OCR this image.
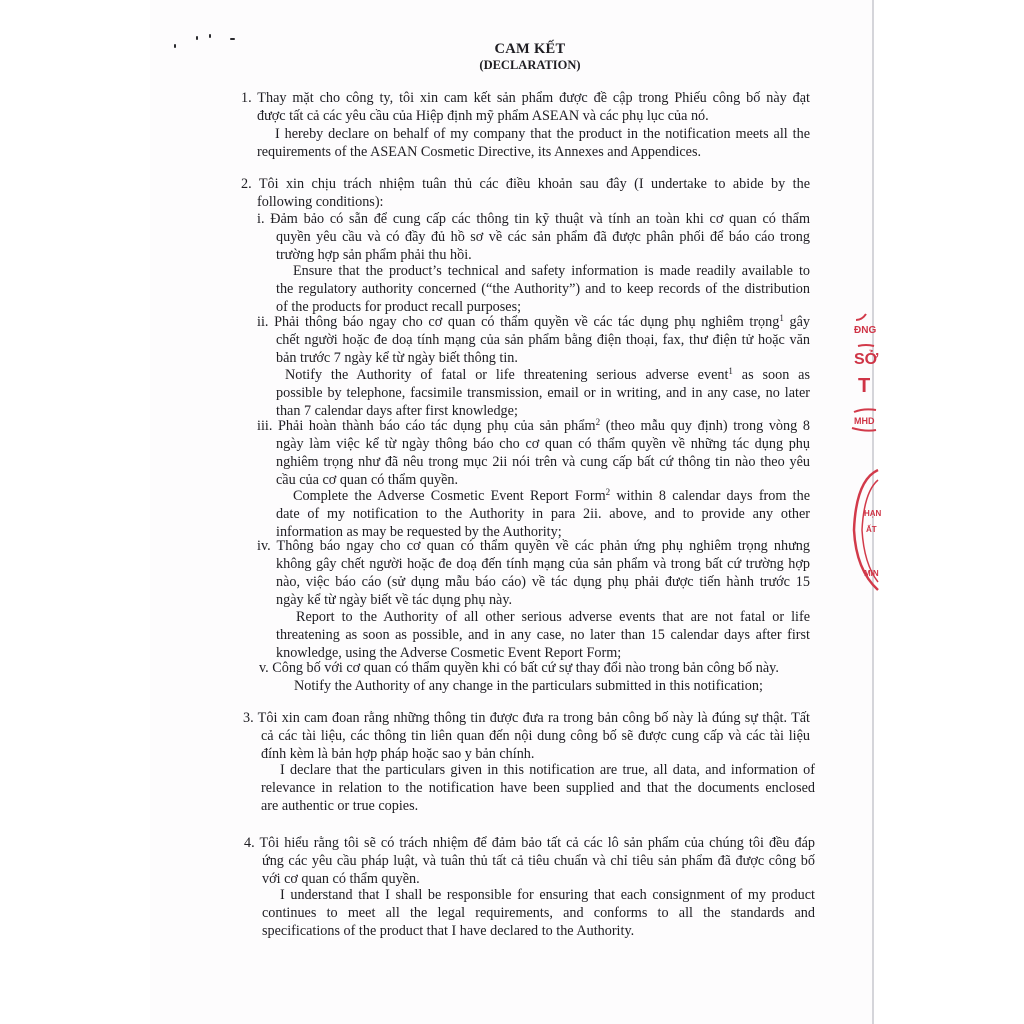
ĐNG
SỞ
T
MHD
HẠN
ẤT
MIN
CAM KẾT
(DECLARATION)
1. Thay mặt cho công ty, tôi xin cam kết sản phẩm được đề cập trong Phiếu công bố này đạt
được tất cả các yêu cầu của Hiệp định mỹ phẩm ASEAN và các phụ lục của nó.
I hereby declare on behalf of my company that the product in the notification meets all the
requirements of the ASEAN Cosmetic Directive, its Annexes and Appendices.
2. Tôi xin chịu trách nhiệm tuân thủ các điều khoản sau đây (I undertake to abide by the
following conditions):
i. Đảm bảo có sẵn để cung cấp các thông tin kỹ thuật và tính an toàn khi cơ quan có thẩm
quyền yêu cầu và có đầy đủ hồ sơ về các sản phẩm đã được phân phối để báo cáo trong
trường hợp sản phẩm phải thu hồi.
Ensure that the product’s technical and safety information is made readily available to
the regulatory authority concerned (“the Authority”) and to keep records of the distribution
of the products for product recall purposes;
ii. Phải thông báo ngay cho cơ quan có thẩm quyền về các tác dụng phụ nghiêm trọng$^1$ gây
chết người hoặc đe doạ tính mạng của sản phẩm bằng điện thoại, fax, thư điện tử hoặc văn
bản trước 7 ngày kể từ ngày biết thông tin.
Notify the Authority of fatal or life threatening serious adverse event$^1$ as soon as
possible by telephone, facsimile transmission, email or in writing, and in any case, no later
than 7 calendar days after first knowledge;
iii. Phải hoàn thành báo cáo tác dụng phụ của sản phẩm$^2$ (theo mẫu quy định) trong vòng 8
ngày làm việc kể từ ngày thông báo cho cơ quan có thẩm quyền về những tác dụng phụ
nghiêm trọng như đã nêu trong mục 2ii nói trên và cung cấp bất cứ thông tin nào theo yêu
cầu của cơ quan có thẩm quyền.
Complete the Adverse Cosmetic Event Report Form$^2$ within 8 calendar days from the
date of my notification to the Authority in para 2ii. above, and to provide any other
information as may be requested by the Authority;
iv. Thông báo ngay cho cơ quan có thẩm quyền về các phản ứng phụ nghiêm trọng nhưng
không gây chết người hoặc đe doạ đến tính mạng của sản phẩm và trong bất cứ trường hợp
nào, việc báo cáo (sử dụng mẫu báo cáo) về tác dụng phụ phải được tiến hành trước 15
ngày kể từ ngày biết về tác dụng phụ này.
Report to the Authority of all other serious adverse events that are not fatal or life
threatening as soon as possible, and in any case, no later than 15 calendar days after first
knowledge, using the Adverse Cosmetic Event Report Form;
v. Công bố với cơ quan có thẩm quyền khi có bất cứ sự thay đổi nào trong bản công bố này.
Notify the Authority of any change in the particulars submitted in this notification;
3. Tôi xin cam đoan rằng những thông tin được đưa ra trong bản công bố này là đúng sự thật. Tất
cả các tài liệu, các thông tin liên quan đến nội dung công bố sẽ được cung cấp và các tài liệu
đính kèm là bản hợp pháp hoặc sao y bản chính.
I declare that the particulars given in this notification are true, all data, and information of
relevance in relation to the notification have been supplied and that the documents enclosed
are authentic or true copies.
4. Tôi hiểu rằng tôi sẽ có trách nhiệm để đảm bảo tất cả các lô sản phẩm của chúng tôi đều đáp
ứng các yêu cầu pháp luật, và tuân thủ tất cả tiêu chuẩn và chỉ tiêu sản phẩm đã được công bố
với cơ quan có thẩm quyền.
I understand that I shall be responsible for ensuring that each consignment of my product
continues to meet all the legal requirements, and conforms to all the standards and
specifications of the product that I have declared to the Authority.
